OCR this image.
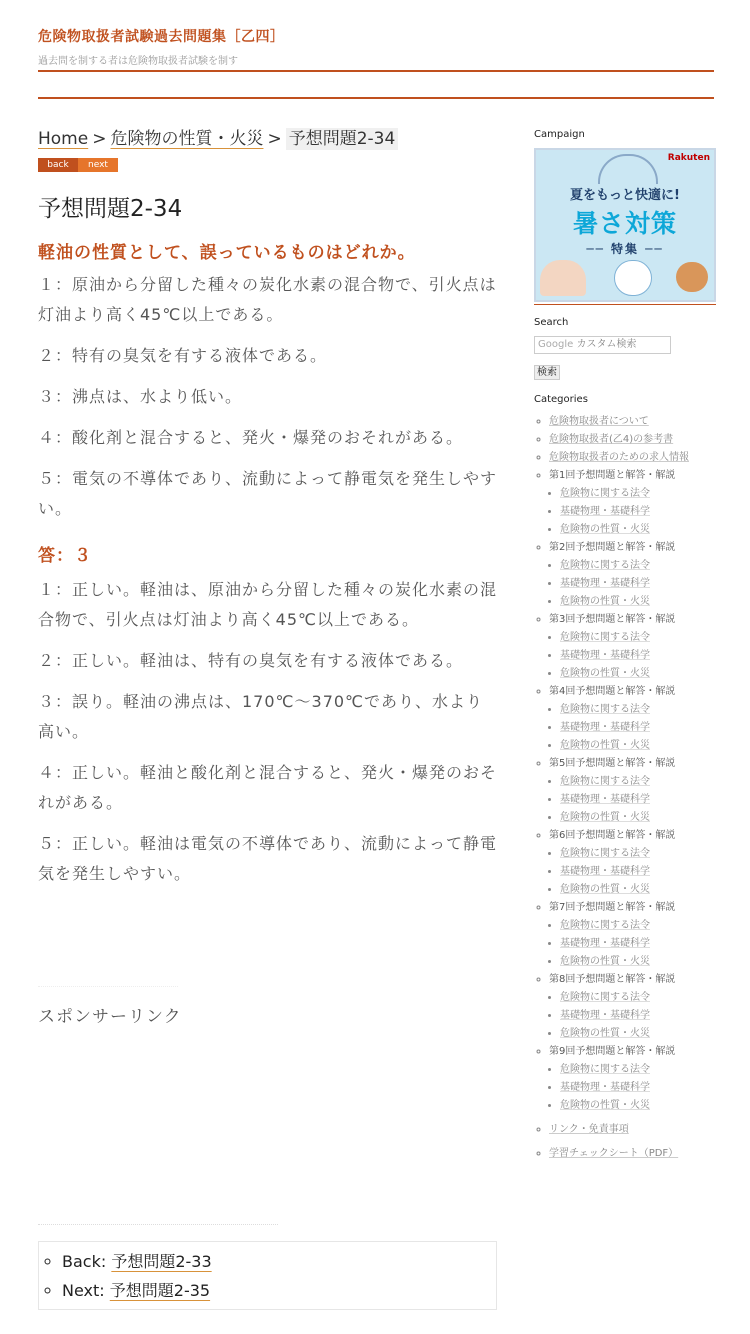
危険物取扱者試験過去問題集［乙四］
過去問を制する者は危険物取扱者試験を制す
Home > 危険物の性質・火災 > 予想問題2-34
back	next
予想問題2-34
軽油の性質として、誤っているものはどれか。

１：原油から分留した種々の炭化水素の混合物で、引火点は灯油より高く45℃以上である。

２：特有の臭気を有する液体である。

３：沸点は、水より低い。

４：酸化剤と混合すると、発火・爆発のおそれがある。

５：電気の不導体であり、流動によって静電気を発生しやすい。

答：３

１：正しい。軽油は、原油から分留した種々の炭化水素の混合物で、引火点は灯油より高く45℃以上である。

２：正しい。軽油は、特有の臭気を有する液体である。

３：誤り。軽油の沸点は、170℃～370℃であり、水より高い。

４：正しい。軽油と酸化剤と混合すると、発火・爆発のおそれがある。

５：正しい。軽油は電気の不導体であり、流動によって静電気を発生しやすい。

スポンサーリンク
◦ Back: 予想問題2-33
◦ Next: 予想問題2-35
Campaign
Rakuten
夏をもっと快適に!
暑さ対策
── 特集 ──
Search
Google カスタム検索
検索
Categories
◦ 危険物取扱者について
◦ 危険物取扱者(乙4)の参考書
◦ 危険物取扱者のための求人情報
◦ 第1回予想問題と解答・解説
• 危険物に関する法令
• 基礎物理・基礎科学
• 危険物の性質・火災
◦ 第2回予想問題と解答・解説
• 危険物に関する法令
• 基礎物理・基礎科学
• 危険物の性質・火災
◦ 第3回予想問題と解答・解説
• 危険物に関する法令
• 基礎物理・基礎科学
• 危険物の性質・火災
◦ 第4回予想問題と解答・解説
• 危険物に関する法令
• 基礎物理・基礎科学
• 危険物の性質・火災
◦ 第5回予想問題と解答・解説
• 危険物に関する法令
• 基礎物理・基礎科学
• 危険物の性質・火災
◦ 第6回予想問題と解答・解説
• 危険物に関する法令
• 基礎物理・基礎科学
• 危険物の性質・火災
◦ 第7回予想問題と解答・解説
• 危険物に関する法令
• 基礎物理・基礎科学
• 危険物の性質・火災
◦ 第8回予想問題と解答・解説
• 危険物に関する法令
• 基礎物理・基礎科学
• 危険物の性質・火災
◦ 第9回予想問題と解答・解説
• 危険物に関する法令
• 基礎物理・基礎科学
• 危険物の性質・火災
◦ リンク・免責事項
◦ 学習チェックシート（PDF）
